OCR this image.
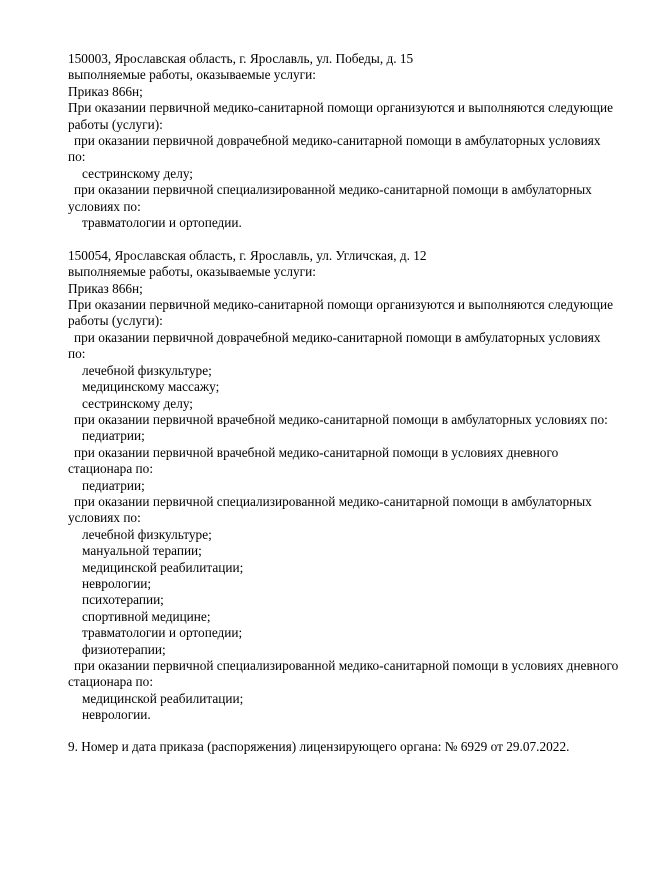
150003, Ярославская область, г. Ярославль, ул. Победы, д. 15
выполняемые работы, оказываемые услуги:
Приказ 866н;
При оказании первичной медико-санитарной помощи организуются и выполняются следующие
работы (услуги):
при оказании первичной доврачебной медико-санитарной помощи в амбулаторных условиях
по:
сестринскому делу;
при оказании первичной специализированной медико-санитарной помощи в амбулаторных
условиях по:
травматологии и ортопедии.
150054, Ярославская область, г. Ярославль, ул. Угличская, д. 12
выполняемые работы, оказываемые услуги:
Приказ 866н;
При оказании первичной медико-санитарной помощи организуются и выполняются следующие
работы (услуги):
при оказании первичной доврачебной медико-санитарной помощи в амбулаторных условиях
по:
лечебной физкультуре;
медицинскому массажу;
сестринскому делу;
при оказании первичной врачебной медико-санитарной помощи в амбулаторных условиях по:
педиатрии;
при оказании первичной врачебной медико-санитарной помощи в условиях дневного
стационара по:
педиатрии;
при оказании первичной специализированной медико-санитарной помощи в амбулаторных
условиях по:
лечебной физкультуре;
мануальной терапии;
медицинской реабилитации;
неврологии;
психотерапии;
спортивной медицине;
травматологии и ортопедии;
физиотерапии;
при оказании первичной специализированной медико-санитарной помощи в условиях дневного
стационара по:
медицинской реабилитации;
неврологии.
9. Номер и дата приказа (распоряжения) лицензирующего органа: № 6929 от 29.07.2022.
